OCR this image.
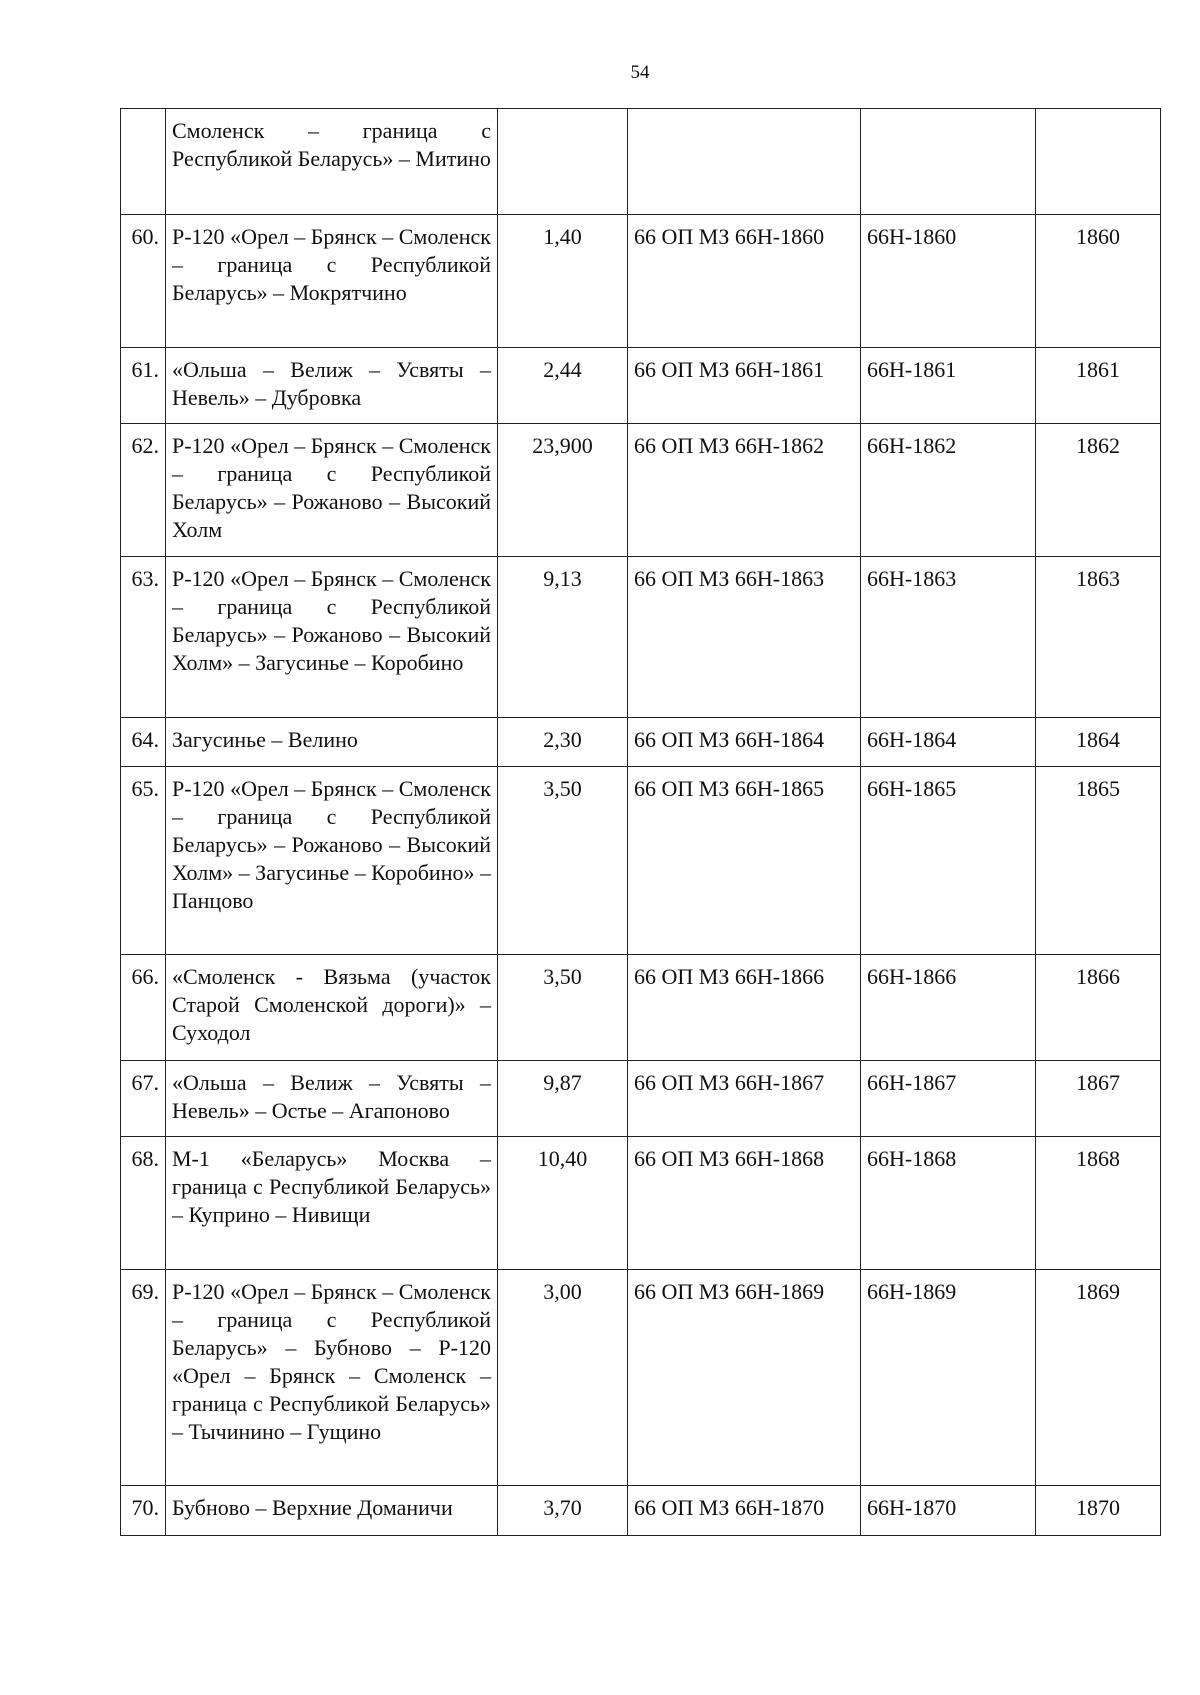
54
	Смоленск – граница с Республикой Беларусь» – Митино				
60.	Р-120 «Орел – Брянск – Смоленск – граница с Республикой Беларусь» – Мокрятчино	1,40	66 ОП МЗ 66Н-1860	66Н-1860	1860
61.	«Ольша – Велиж – Усвяты – Невель» – Дубровка	2,44	66 ОП МЗ 66Н-1861	66Н-1861	1861
62.	Р-120 «Орел – Брянск – Смоленск – граница с Республикой Беларусь» – Рожаново – Высокий Холм	23,900	66 ОП МЗ 66Н-1862	66Н-1862	1862
63.	Р-120 «Орел – Брянск – Смоленск – граница с Республикой Беларусь» – Рожаново – Высокий Холм» – Загусинье – Коробино	9,13	66 ОП МЗ 66Н-1863	66Н-1863	1863
64.	Загусинье – Велино	2,30	66 ОП МЗ 66Н-1864	66Н-1864	1864
65.	Р-120 «Орел – Брянск – Смоленск – граница с Республикой Беларусь» – Рожаново – Высокий Холм» – Загусинье – Коробино» – Панцово	3,50	66 ОП МЗ 66Н-1865	66Н-1865	1865
66.	«Смоленск - Вязьма (участок Старой Смоленской дороги)» – Суходол	3,50	66 ОП МЗ 66Н-1866	66Н-1866	1866
67.	«Ольша – Велиж – Усвяты – Невель» – Остье – Агапоново	9,87	66 ОП МЗ 66Н-1867	66Н-1867	1867
68.	М-1 «Беларусь» Москва – граница с Республикой Беларусь» – Куприно – Нивищи	10,40	66 ОП МЗ 66Н-1868	66Н-1868	1868
69.	Р-120 «Орел – Брянск – Смоленск – граница с Республикой Беларусь» – Бубново – Р-120 «Орел – Брянск – Смоленск – граница с Республикой Беларусь» – Тычинино – Гущино	3,00	66 ОП МЗ 66Н-1869	66Н-1869	1869
70.	Бубново – Верхние Доманичи	3,70	66 ОП МЗ 66Н-1870	66Н-1870	1870
